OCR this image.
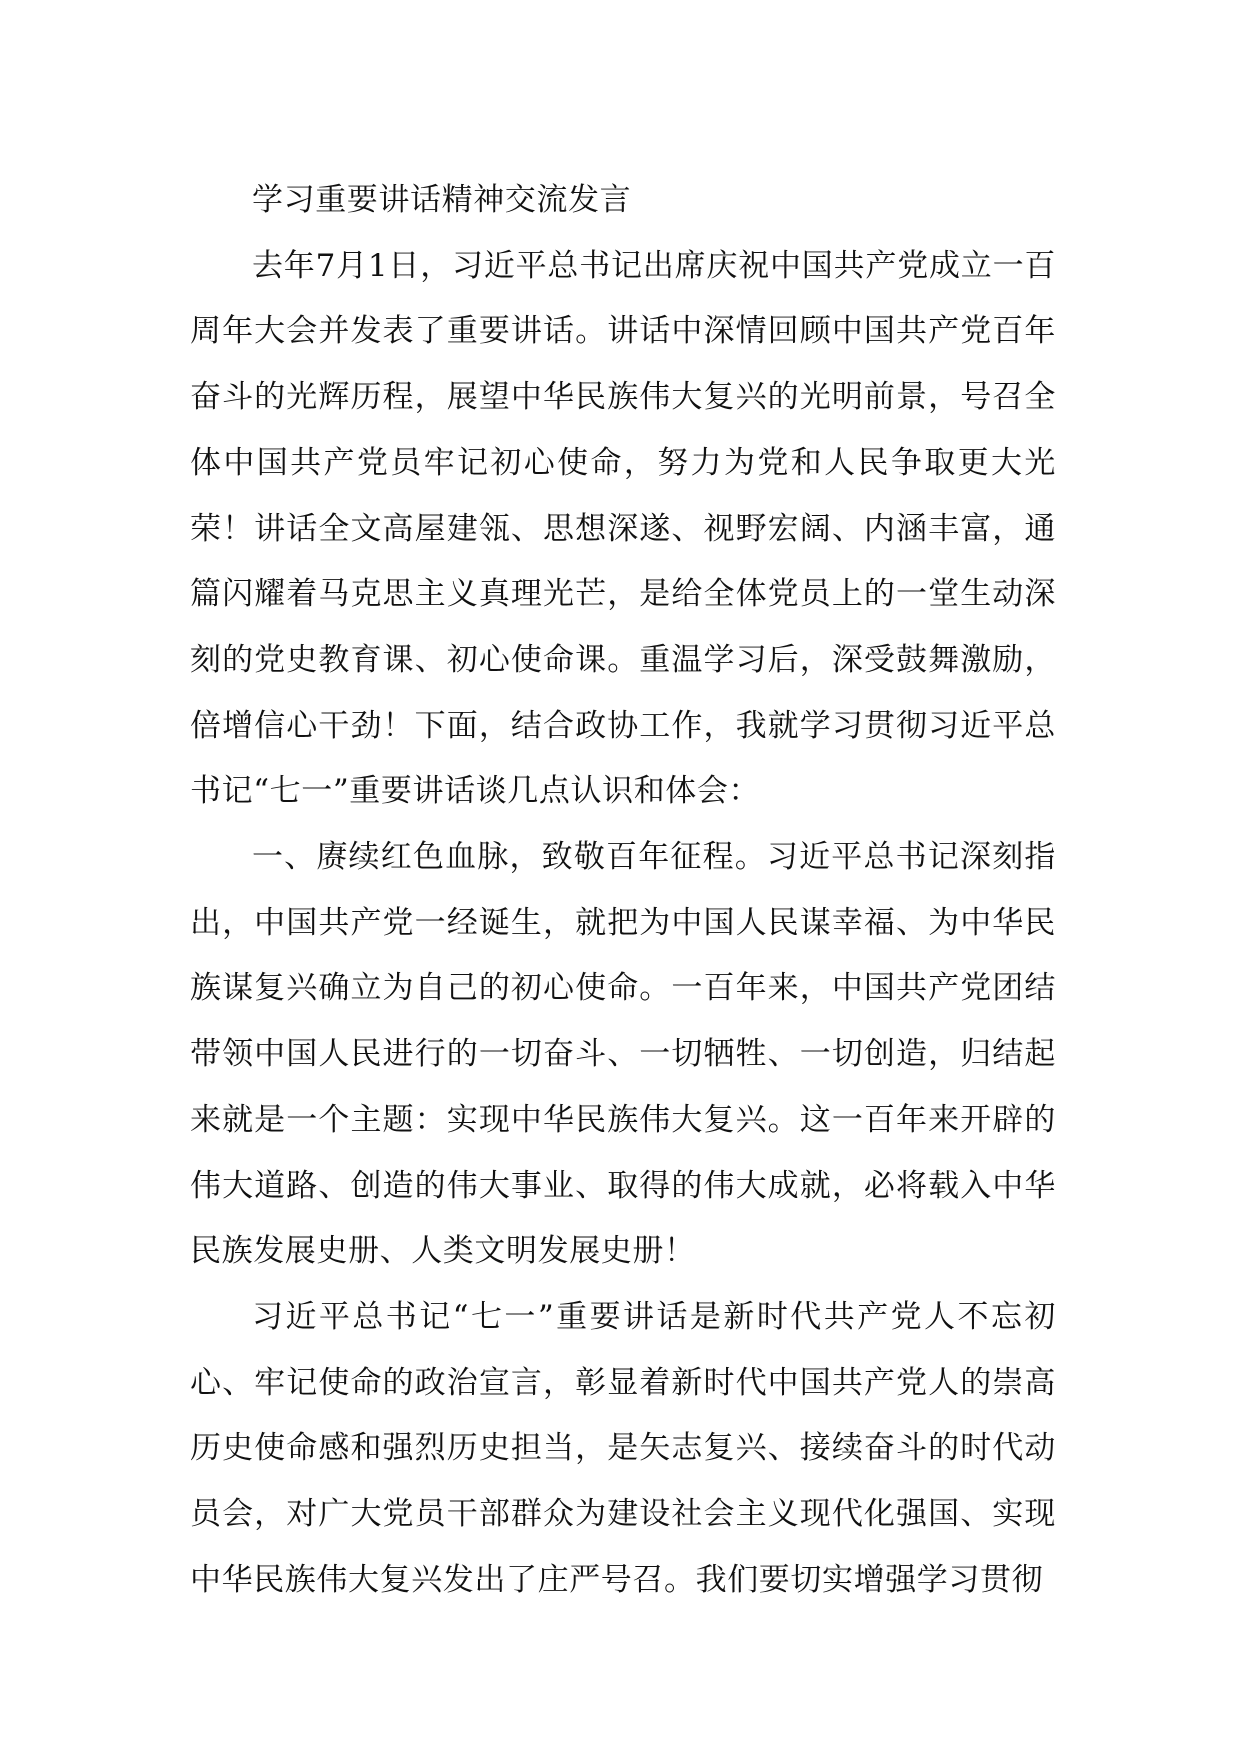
学习重要讲话精神交流发言

去年7月1日，习近平总书记出席庆祝中国共产党成立一百周年大会并发表了重要讲话。讲话中深情回顾中国共产党百年奋斗的光辉历程，展望中华民族伟大复兴的光明前景，号召全体中国共产党员牢记初心使命，努力为党和人民争取更大光荣！讲话全文高屋建瓴、思想深遂、视野宏阔、内涵丰富，通篇闪耀着马克思主义真理光芒，是给全体党员上的一堂生动深刻的党史教育课、初心使命课。重温学习后，深受鼓舞激励，倍增信心干劲！下面，结合政协工作，我就学习贯彻习近平总书记“七一”重要讲话谈几点认识和体会：

一、赓续红色血脉，致敬百年征程。习近平总书记深刻指出，中国共产党一经诞生，就把为中国人民谋幸福、为中华民族谋复兴确立为自己的初心使命。一百年来，中国共产党团结带领中国人民进行的一切奋斗、一切牺牲、一切创造，归结起来就是一个主题：实现中华民族伟大复兴。这一百年来开辟的伟大道路、创造的伟大事业、取得的伟大成就，必将载入中华民族发展史册、人类文明发展史册！

习近平总书记“七一”重要讲话是新时代共产党人不忘初心、牢记使命的政治宣言，彰显着新时代中国共产党人的崇高历史使命感和强烈历史担当，是矢志复兴、接续奋斗的时代动员会，对广大党员干部群众为建设社会主义现代化强国、实现中华民族伟大复兴发出了庄严号召。我们要切实增强学习贯彻
